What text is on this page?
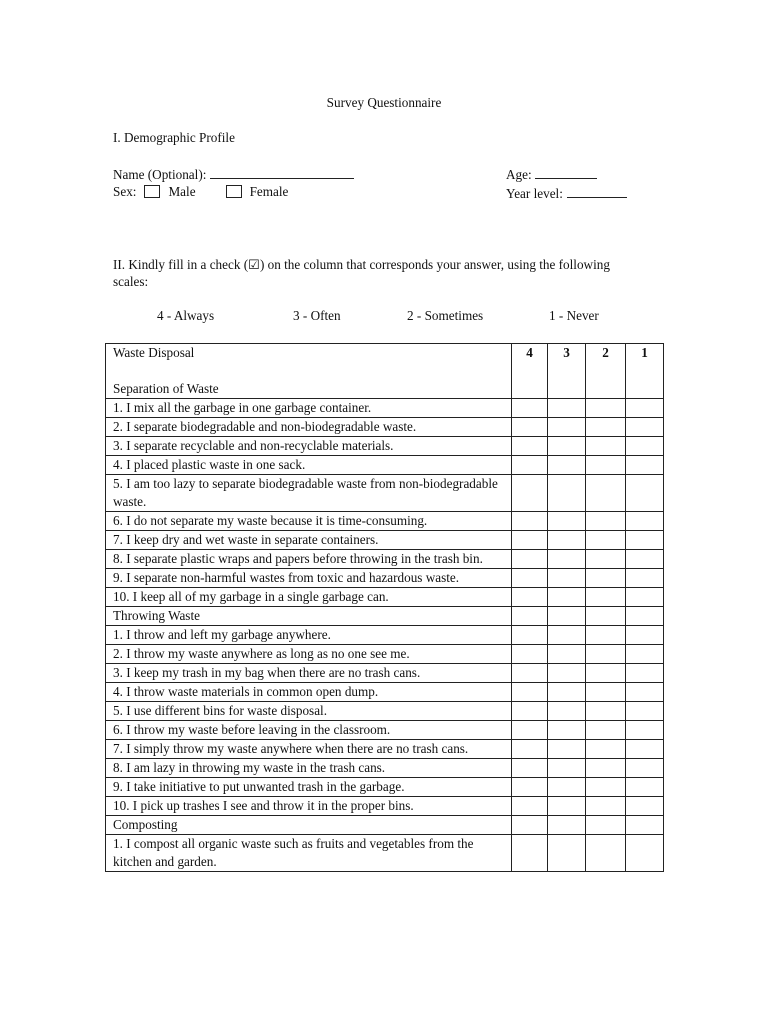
Survey Questionnaire
I. Demographic Profile
Name (Optional):	Age:
Sex: Male	Female	Year level:
II. Kindly fill in a check (☑) on the column that corresponds your answer, using the following scales:
4 - Always	3 - Often	2 - Sometimes	1 - Never
Waste Disposal
Separation of Waste	4	3	2	1
1. I mix all the garbage in one garbage container.				
2. I separate biodegradable and non-biodegradable waste.				
3. I separate recyclable and non-recyclable materials.				
4. I placed plastic waste in one sack.				
5. I am too lazy to separate biodegradable waste from non-biodegradable waste.				
6. I do not separate my waste because it is time-consuming.				
7. I keep dry and wet waste in separate containers.				
8. I separate plastic wraps and papers before throwing in the trash bin.				
9. I separate non-harmful wastes from toxic and hazardous waste.				
10. I keep all of my garbage in a single garbage can.				
Throwing Waste				
1. I throw and left my garbage anywhere.				
2. I throw my waste anywhere as long as no one see me.				
3. I keep my trash in my bag when there are no trash cans.				
4. I throw waste materials in common open dump.				
5. I use different bins for waste disposal.				
6. I throw my waste before leaving in the classroom.				
7. I simply throw my waste anywhere when there are no trash cans.				
8. I am lazy in throwing my waste in the trash cans.				
9. I take initiative to put unwanted trash in the garbage.				
10. I pick up trashes I see and throw it in the proper bins.				
Composting				
1. I compost all organic waste such as fruits and vegetables from the kitchen and garden.				
